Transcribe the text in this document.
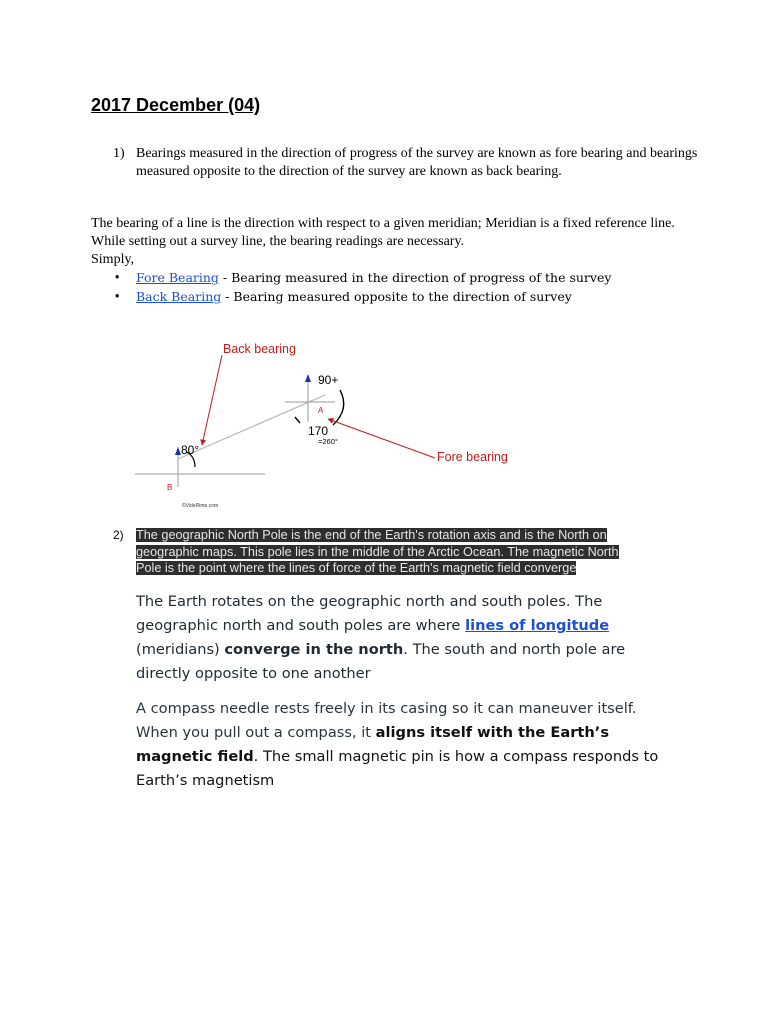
2017 December (04)
1) Bearings measured in the direction of progress of the survey are known as fore bearing and bearings measured opposite to the direction of the survey are known as back bearing.
The bearing of a line is the direction with respect to a given meridian; Meridian is a fixed reference line. While setting out a survey line, the bearing readings are necessary.
Simply,
• Fore Bearing - Bearing measured in the direction of progress of the survey
• Back Bearing - Bearing measured opposite to the direction of survey
Back bearing
Fore bearing
90+
80°
170
=260°
A
B
©VideRime.com
2) The geographic North Pole is the end of the Earth's rotation axis and is the North on
geographic maps. This pole lies in the middle of the Arctic Ocean. The magnetic North
Pole is the point where the lines of force of the Earth's magnetic field converge
The Earth rotates on the geographic north and south poles. The geographic north and south poles are where lines of longitude (meridians) converge in the north. The south and north pole are directly opposite to one another
A compass needle rests freely in its casing so it can maneuver itself. When you pull out a compass, it aligns itself with the Earth’s magnetic field. The small magnetic pin is how a compass responds to Earth’s magnetism
